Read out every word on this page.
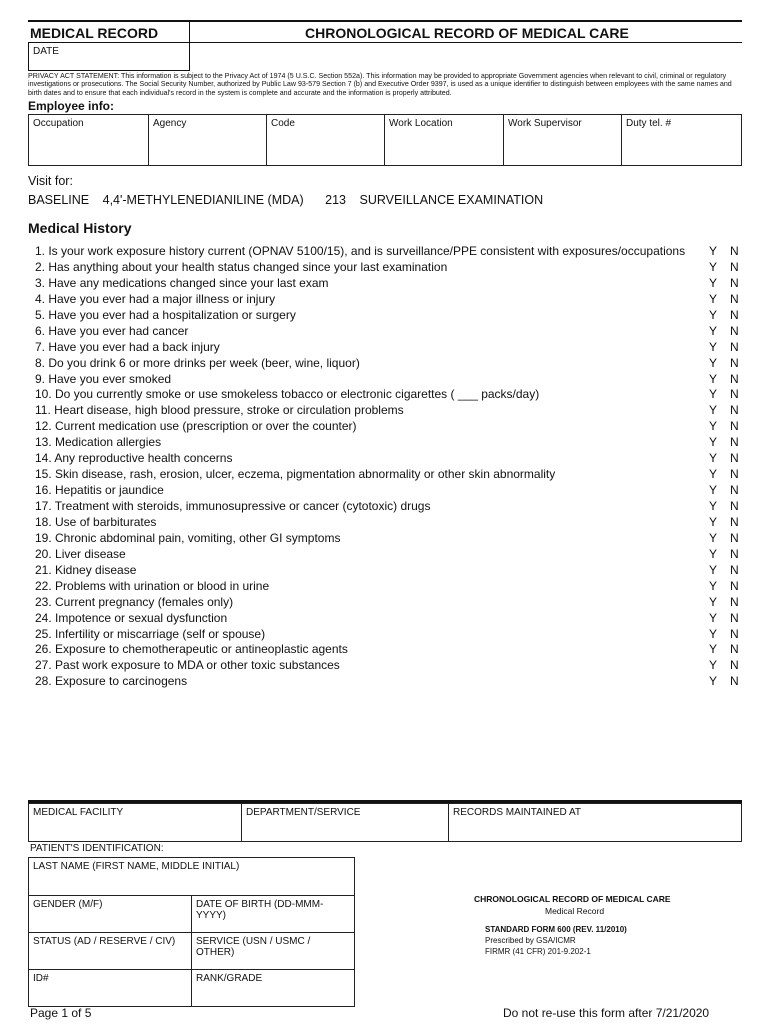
MEDICAL RECORD	CHRONOLOGICAL RECORD OF MEDICAL CARE
DATE
PRIVACY ACT STATEMENT: This information is subject to the Privacy Act of 1974 (5 U.S.C. Section 552a). This information may be provided to appropriate Government agencies when relevant to civil, criminal or regulatory investigations or prosecutions. The Social Security Number, authorized by Public Law 93-579 Section 7 (b) and Executive Order 9397, is used as a unique identifier to distinguish between employees with the same names and birth dates and to ensure that each individual's record in the system is complete and accurate and the information is properly attributed.
Employee info:
Occupation	Agency	Code	Work Location	Work Supervisor	Duty tel. #
Visit for:
BASELINE 4,4'-METHYLENEDIANILINE (MDA) 213 SURVEILLANCE EXAMINATION
Medical History
1. Is your work exposure history current (OPNAV 5100/15), and is surveillance/PPE consistent with exposures/occupations Y N
2. Has anything about your health status changed since your last examination	Y N
3. Have any medications changed since your last exam	Y N
4. Have you ever had a major illness or injury	Y N
5. Have you ever had a hospitalization or surgery	Y N
6. Have you ever had cancer	Y N
7. Have you ever had a back injury	Y N
8. Do you drink 6 or more drinks per week (beer, wine, liquor)	Y N
9. Have you ever smoked	Y N
10. Do you currently smoke or use smokeless tobacco or electronic cigarettes ( ___ packs/day)	Y N
11. Heart disease, high blood pressure, stroke or circulation problems	Y N
12. Current medication use (prescription or over the counter)	Y N
13. Medication allergies	Y N
14. Any reproductive health concerns	Y N
15. Skin disease, rash, erosion, ulcer, eczema, pigmentation abnormality or other skin abnormality	Y N
16. Hepatitis or jaundice	Y N
17. Treatment with steroids, immunosupressive or cancer (cytotoxic) drugs	Y N
18. Use of barbiturates	Y N
19. Chronic abdominal pain, vomiting, other GI symptoms	Y N
20. Liver disease	Y N
21. Kidney disease	Y N
22. Problems with urination or blood in urine	Y N
23. Current pregnancy (females only)	Y N
24. Impotence or sexual dysfunction	Y N
25. Infertility or miscarriage (self or spouse)	Y N
26. Exposure to chemotherapeutic or antineoplastic agents	Y N
27. Past work exposure to MDA or other toxic substances	Y N
28. Exposure to carcinogens	Y N
MEDICAL FACILITY	DEPARTMENT/SERVICE	RECORDS MAINTAINED AT
PATIENT'S IDENTIFICATION:
LAST NAME (FIRST NAME, MIDDLE INITIAL)	
GENDER (M/F)	DATE OF BIRTH (DD-MMM-YYYY)
STATUS (AD / RESERVE / CIV)	SERVICE (USN / USMC / OTHER)
ID#	RANK/GRADE
CHRONOLOGICAL RECORD OF MEDICAL CARE
Medical Record
STANDARD FORM 600 (REV. 11/2010)
Prescribed by GSA/ICMR
FIRMR (41 CFR) 201-9.202-1
Page 1 of 5	Do not re-use this form after 7/21/2020
